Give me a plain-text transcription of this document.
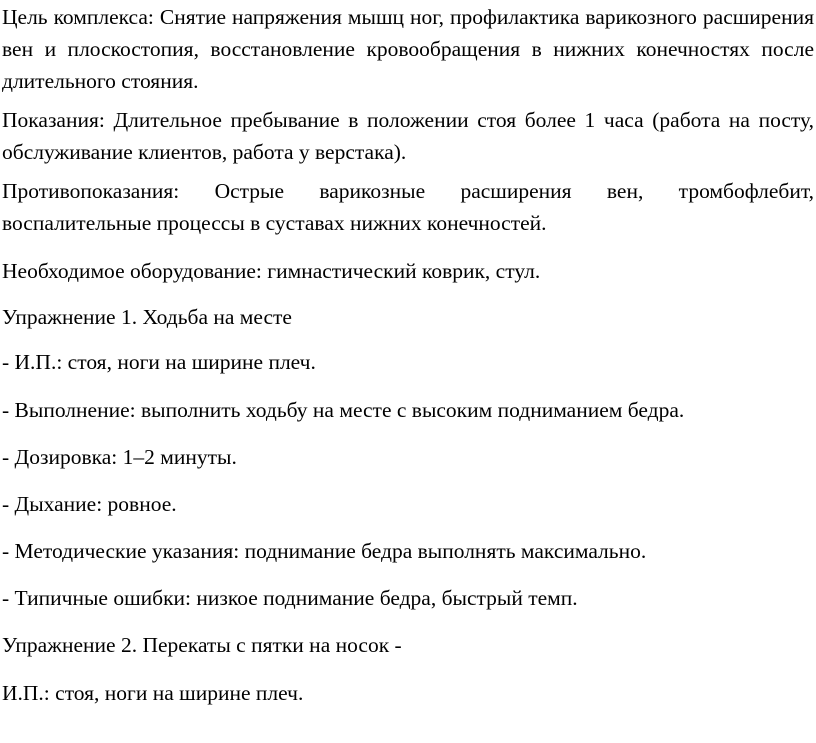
Цель комплекса: Снятие напряжения мышц ног, профилактика варикозного расширения вен и плоскостопия, восстановление кровообращения в нижних конечностях после длительного стояния.

Показания: Длительное пребывание в положении стоя более 1 часа (работа на посту, обслуживание клиентов, работа у верстака).

Противопоказания: Острые варикозные расширения вен, тромбофлебит, воспалительные процессы в суставах нижних конечностей.

Необходимое оборудование: гимнастический коврик, стул.

Упражнение 1. Ходьба на месте

- И.П.: стоя, ноги на ширине плеч.

- Выполнение: выполнить ходьбу на месте с высоким подниманием бедра.

- Дозировка: 1–2 минуты.

- Дыхание: ровное.

- Методические указания: поднимание бедра выполнять максимально.

- Типичные ошибки: низкое поднимание бедра, быстрый темп.

Упражнение 2. Перекаты с пятки на носок -

И.П.: стоя, ноги на ширине плеч.
